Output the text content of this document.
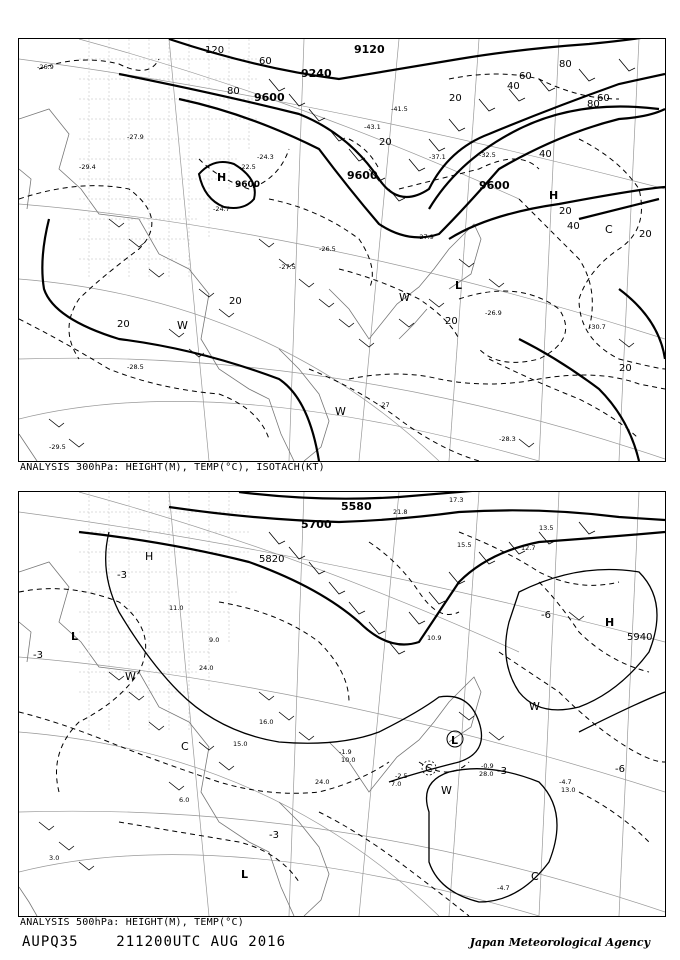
9120
9240
9600
9600
9600
120
80
80
60
60
40
40
20
20
20
20	20
20
20
20
80
60
40
-26.9
-29.4
-27.9
-43.1
-41.5
-37.1	-32.5
-24.3
-22.5
-27.5
-26.5
-28.3
-30.7
-29.5
-28.5
-27.9
-24.7
-26.9
-27
H
9600
H
L
C
W
W
W
ANALYSIS 300hPa: HEIGHT(M), TEMP(°C), ISOTACH(KT)
5580
5700
5820
5940
-3
-3
-3
-6
-6
-3
-1.9
-2.5
-4.7
-0.9
-4.7
17.3
15.5	12.7
13.5
21.8
10.9
9.0
11.0
24.0
16.0
28.0
15.0
7.0
10.0
24.0
13.0
6.0
3.0
H
H
L
L
L
C
C
C
W
W
W
ANALYSIS 500hPa: HEIGHT(M), TEMP(°C)
AUPQ35	211200UTC AUG 2016	Japan Meteorological Agency
